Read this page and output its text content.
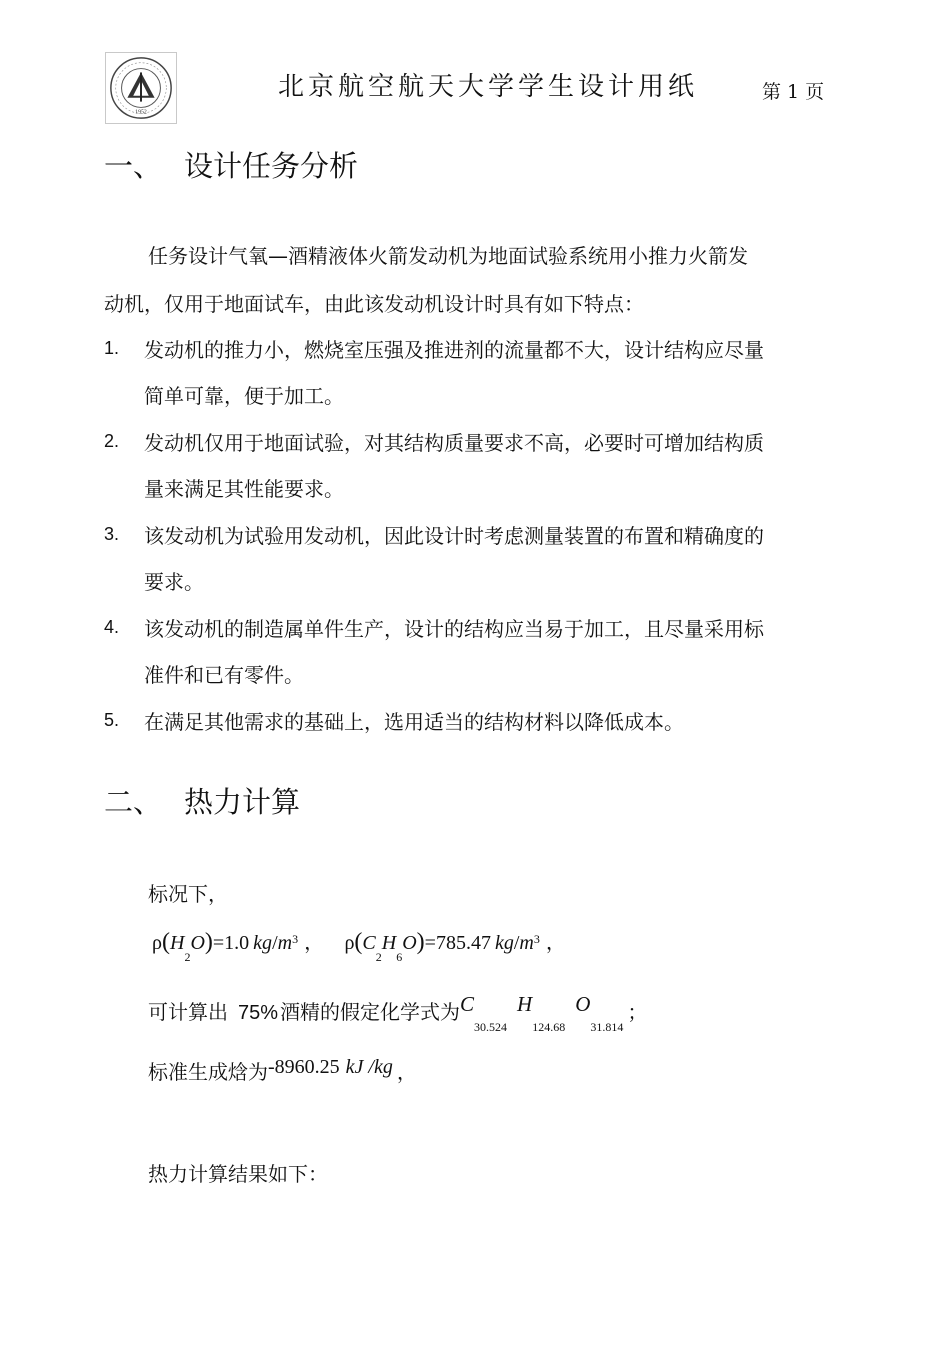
1952
北京航空航天大学学生设计用纸	第 1 页
一、 设计任务分析
任务设计气氧—酒精液体火箭发动机为地面试验系统用小推力火箭发
动机，仅用于地面试车，由此该发动机设计时具有如下特点：
1. 发动机的推力小，燃烧室压强及推进剂的流量都不大，设计结构应尽量
简单可靠，便于加工。
2. 发动机仅用于地面试验，对其结构质量要求不高，必要时可增加结构质
量来满足其性能要求。
3. 该发动机为试验用发动机，因此设计时考虑测量装置的布置和精确度的
要求。
4. 该发动机的制造属单件生产，设计的结构应当易于加工，且尽量采用标
准件和已有零件。
5. 在满足其他需求的基础上，选用适当的结构材料以降低成本。
二、 热力计算
标况下，
$\rho(H_2O)=1.0$ $kg/m^3$ ， $\rho(C_2H_6O)=785.47$ $kg/m^3$ ，
可计算出 75% 酒精的假定化学式为$C_{30.524}H_{124.68}O_{31.814}$；
标准生成焓为-8960.25 kJ /kg ，
热力计算结果如下：
